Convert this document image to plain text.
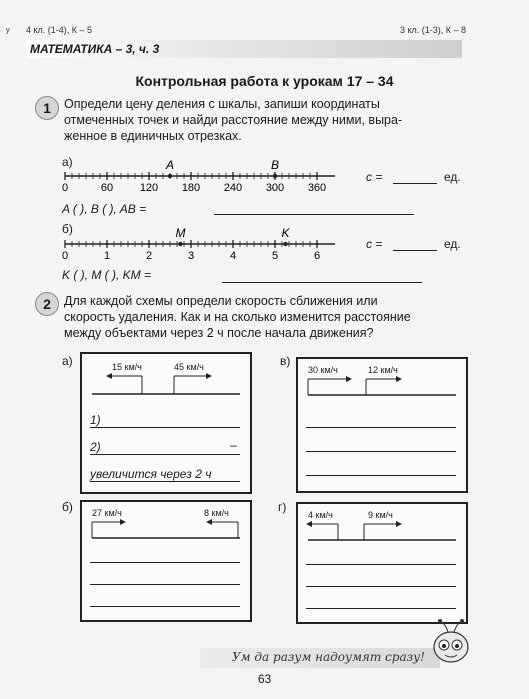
ʸ 4 кл. (1-4), К – 5	3 кл. (1-3), К – 8
МАТЕМАТИКА – 3, ч. 3
Контрольная работа к урокам 17 – 34
1	Определи цену деления c шкалы, запиши координаты
отмеченных точек и найди расстояние между ними, выра-
женное в единичных отрезках.
а)
0	60 120 180 240 300 360
A	B
c =	ед.
A ( ), B ( ), AB =
б)
0	1	2	3	4	5	6
M	K
c =	ед.
K ( ), M ( ), KM =
2	Для каждой схемы определи скорость сближения или
скорость удаления. Как и на сколько изменится расстояние
между объектами через 2 ч после начала движения?
а)	15 км/ч	45 км/ч
1)
2)	–
увеличится через 2 ч
в)
30 км/ч	12 км/ч
б) 27 км/ч	8 км/ч	г)
4 км/ч	9 км/ч
Ум да разум надоумят сразу!
63
